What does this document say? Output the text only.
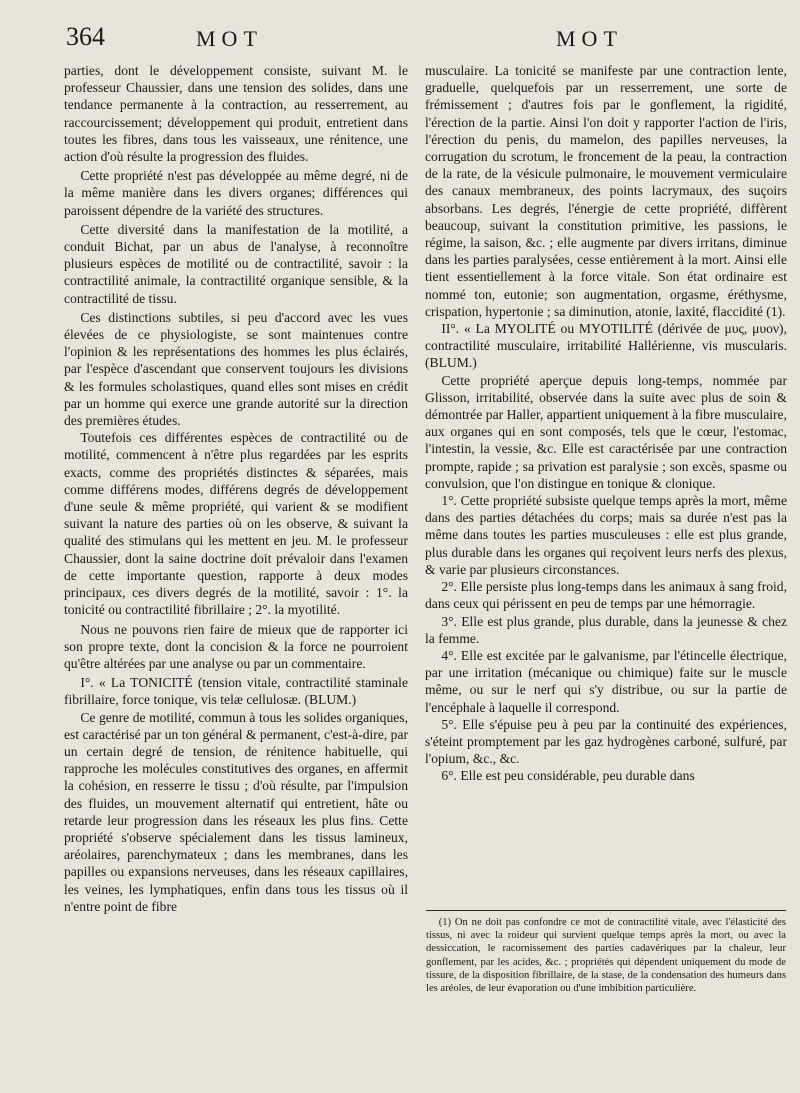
364	MOT	MOT

parties, dont le développement consiste, suivant M. le professeur Chaussier, dans une tension des solides, dans une tendance permanente à la contraction, au resserrement, au raccourcissement; développement qui produit, entretient dans toutes les fibres, dans tous les vaisseaux, une rénitence, une action d'où résulte la progression des fluides.

Cette propriété n'est pas développée au même degré, ni de la même manière dans les divers organes; différences qui paroissent dépendre de la variété des structures.

Cette diversité dans la manifestation de la motilité, a conduit Bichat, par un abus de l'analyse, à reconnoître plusieurs espèces de motilité ou de contractilité, savoir : la contractilité animale, la contractilité organique sensible, & la contractilité de tissu.

Ces distinctions subtiles, si peu d'accord avec les vues élevées de ce physiologiste, se sont maintenues contre l'opinion & les représentations des hommes les plus éclairés, par l'espèce d'ascendant que conservent toujours les divisions & les formules scholastiques, quand elles sont mises en crédit par un homme qui exerce une grande autorité sur la direction des premières études.

Toutefois ces différentes espèces de contractilité ou de motilité, commencent à n'être plus regardées par les esprits exacts, comme des propriétés distinctes & séparées, mais comme différens modes, différens degrés de développement d'une seule & même propriété, qui varient & se modifient suivant la nature des parties où on les observe, & suivant la qualité des stimulans qui les mettent en jeu. M. le professeur Chaussier, dont la saine doctrine doit prévaloir dans l'examen de cette importante question, rapporte à deux modes principaux, ces divers degrés de la motilité, savoir : 1°. la tonicité ou contractilité fibrillaire ; 2°. la myotilité.

Nous ne pouvons rien faire de mieux que de rapporter ici son propre texte, dont la concision & la force ne pourroient qu'être altérées par une analyse ou par un commentaire.

I°. « La TONICITÉ (tension vitale, contractilité staminale fibrillaire, force tonique, vis telæ cellulosæ. (BLUM.)

Ce genre de motilité, commun à tous les solides organiques, est caractérisé par un ton général & permanent, c'est-à-dire, par un certain degré de tension, de rénitence habituelle, qui rapproche les molécules constitutives des organes, en affermit la cohésion, en resserre le tissu ; d'où résulte, par l'impulsion des fluides, un mouvement alternatif qui entretient, hâte ou retarde leur progression dans les réseaux les plus fins. Cette propriété s'observe spécialement dans les tissus lamineux, aréolaires, parenchymateux ; dans les membranes, dans les papilles ou expansions nerveuses, dans les réseaux capillaires, les veines, les lymphatiques, enfin dans tous les tissus où il n'entre point de fibre

musculaire. La tonicité se manifeste par une contraction lente, graduelle, quelquefois par un resserrement, une sorte de frémissement ; d'autres fois par le gonflement, la rigidité, l'érection de la partie. Ainsi l'on doit y rapporter l'action de l'iris, l'érection du penis, du mamelon, des papilles nerveuses, la corrugation du scrotum, le froncement de la peau, la contraction de la rate, de la vésicule pulmonaire, le mouvement vermiculaire des canaux membraneux, des points lacrymaux, des suçoirs absorbans. Les degrés, l'énergie de cette propriété, diffèrent beaucoup, suivant la constitution primitive, les passions, le régime, la saison, &c. ; elle augmente par divers irritans, diminue dans les parties paralysées, cesse entièrement à la mort. Ainsi elle tient essentiellement à la force vitale. Son état ordinaire est nommé ton, eutonie; son augmentation, orgasme, éréthysme, crispation, hypertonie ; sa diminution, atonie, laxité, flaccidité (1).

II°. « La MYOLITÉ ou MYOTILITÉ (dérivée de μυς, μυον), contractilité musculaire, irritabilité Hallérienne, vis muscularis. (BLUM.)

Cette propriété aperçue depuis long-temps, nommée par Glisson, irritabilité, observée dans la suite avec plus de soin & démontrée par Haller, appartient uniquement à la fibre musculaire, aux organes qui en sont composés, tels que le cœur, l'estomac, l'intestin, la vessie, &c. Elle est caractérisée par une contraction prompte, rapide ; sa privation est paralysie ; son excès, spasme ou convulsion, que l'on distingue en tonique & clonique.

1°. Cette propriété subsiste quelque temps après la mort, même dans des parties détachées du corps; mais sa durée n'est pas la même dans toutes les parties musculeuses : elle est plus grande, plus durable dans les organes qui reçoivent leurs nerfs des plexus, & varie par plusieurs circonstances.

2°. Elle persiste plus long-temps dans les animaux à sang froid, dans ceux qui périssent en peu de temps par une hémorragie.

3°. Elle est plus grande, plus durable, dans la jeunesse & chez la femme.

4°. Elle est excitée par le galvanisme, par l'étincelle électrique, par une irritation (mécanique ou chimique) faite sur le muscle même, ou sur le nerf qui s'y distribue, ou sur la partie de l'encéphale à laquelle il correspond.

5°. Elle s'épuise peu à peu par la continuité des expériences, s'éteint promptement par les gaz hydrogènes carboné, sulfuré, par l'opium, &c., &c.

6°. Elle est peu considérable, peu durable dans

(1) On ne doit pas confondre ce mot de contractilité vitale, avec l'élasticité des tissus, ni avec la roideur qui survient quelque temps après la mort, ou avec la dessiccation, le racornissement des parties cadavériques par la chaleur, leur gonflement, par les acides, &c. ; propriétés qui dépendent uniquement du mode de tissure, de la disposition fibrillaire, de la stase, de la condensation des humeurs dans les aréoles, de leur évaporation ou d'une imbibition particulière.
